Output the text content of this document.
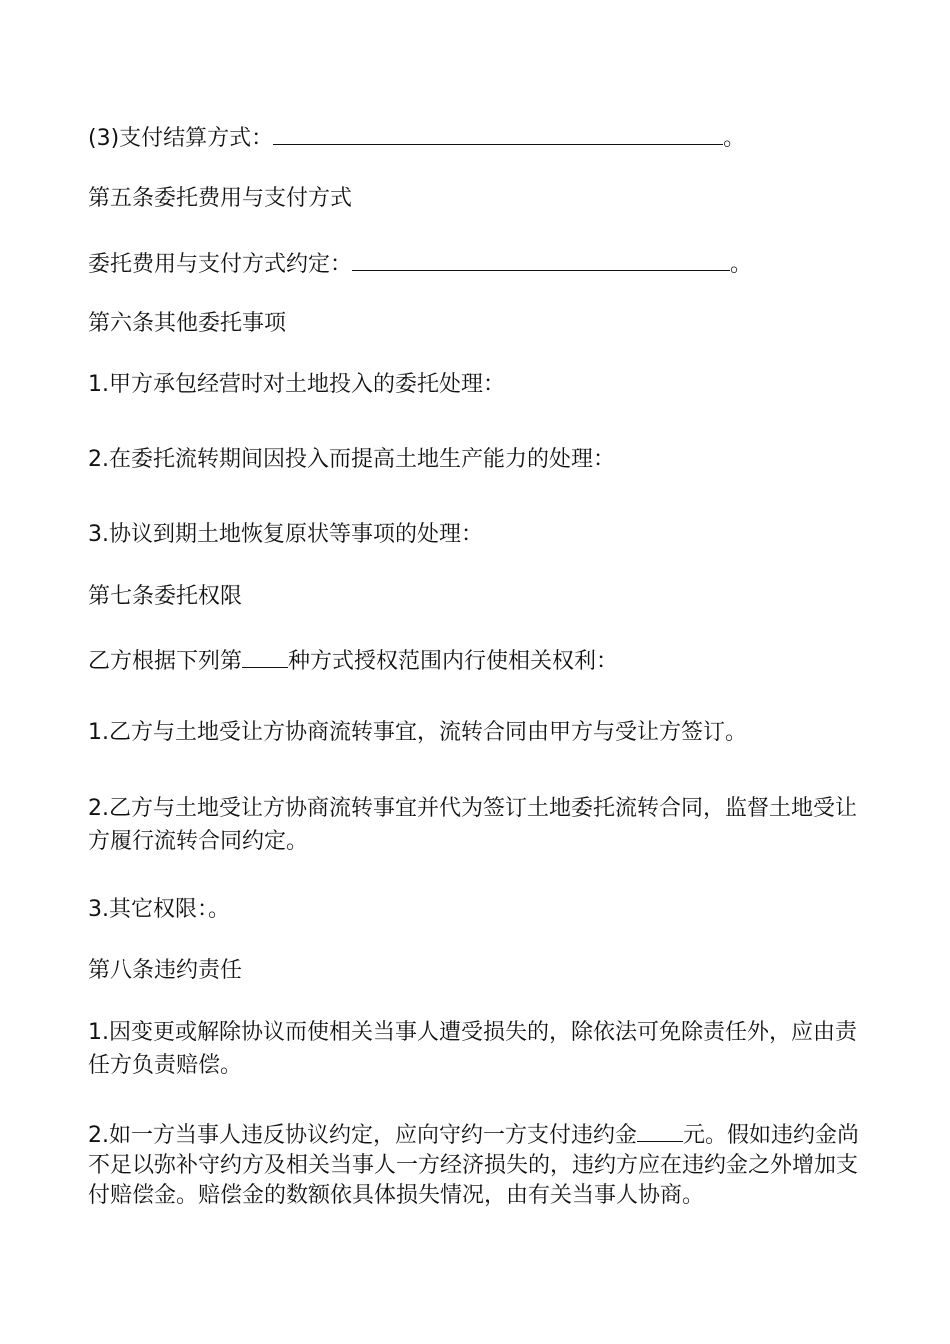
(3)支付结算方式：	。
第五条委托费用与支付方式
委托费用与支付方式约定：	。
第六条其他委托事项
1.甲方承包经营时对土地投入的委托处理：
2.在委托流转期间因投入而提高土地生产能力的处理：
3.协议到期土地恢复原状等事项的处理：
第七条委托权限
乙方根据下列第 种方式授权范围内行使相关权利：
1.乙方与土地受让方协商流转事宜，流转合同由甲方与受让方签订。
2.乙方与土地受让方协商流转事宜并代为签订土地委托流转合同，监督土地受让方履行流转合同约定。
3.其它权限：。
第八条违约责任
1.因变更或解除协议而使相关当事人遭受损失的，除依法可免除责任外，应由责任方负责赔偿。
2.如一方当事人违反协议约定，应向守约一方支付违约金 元。假如违约金尚不足以弥补守约方及相关当事人一方经济损失的，违约方应在违约金之外增加支付赔偿金。赔偿金的数额依具体损失情况，由有关当事人协商。
